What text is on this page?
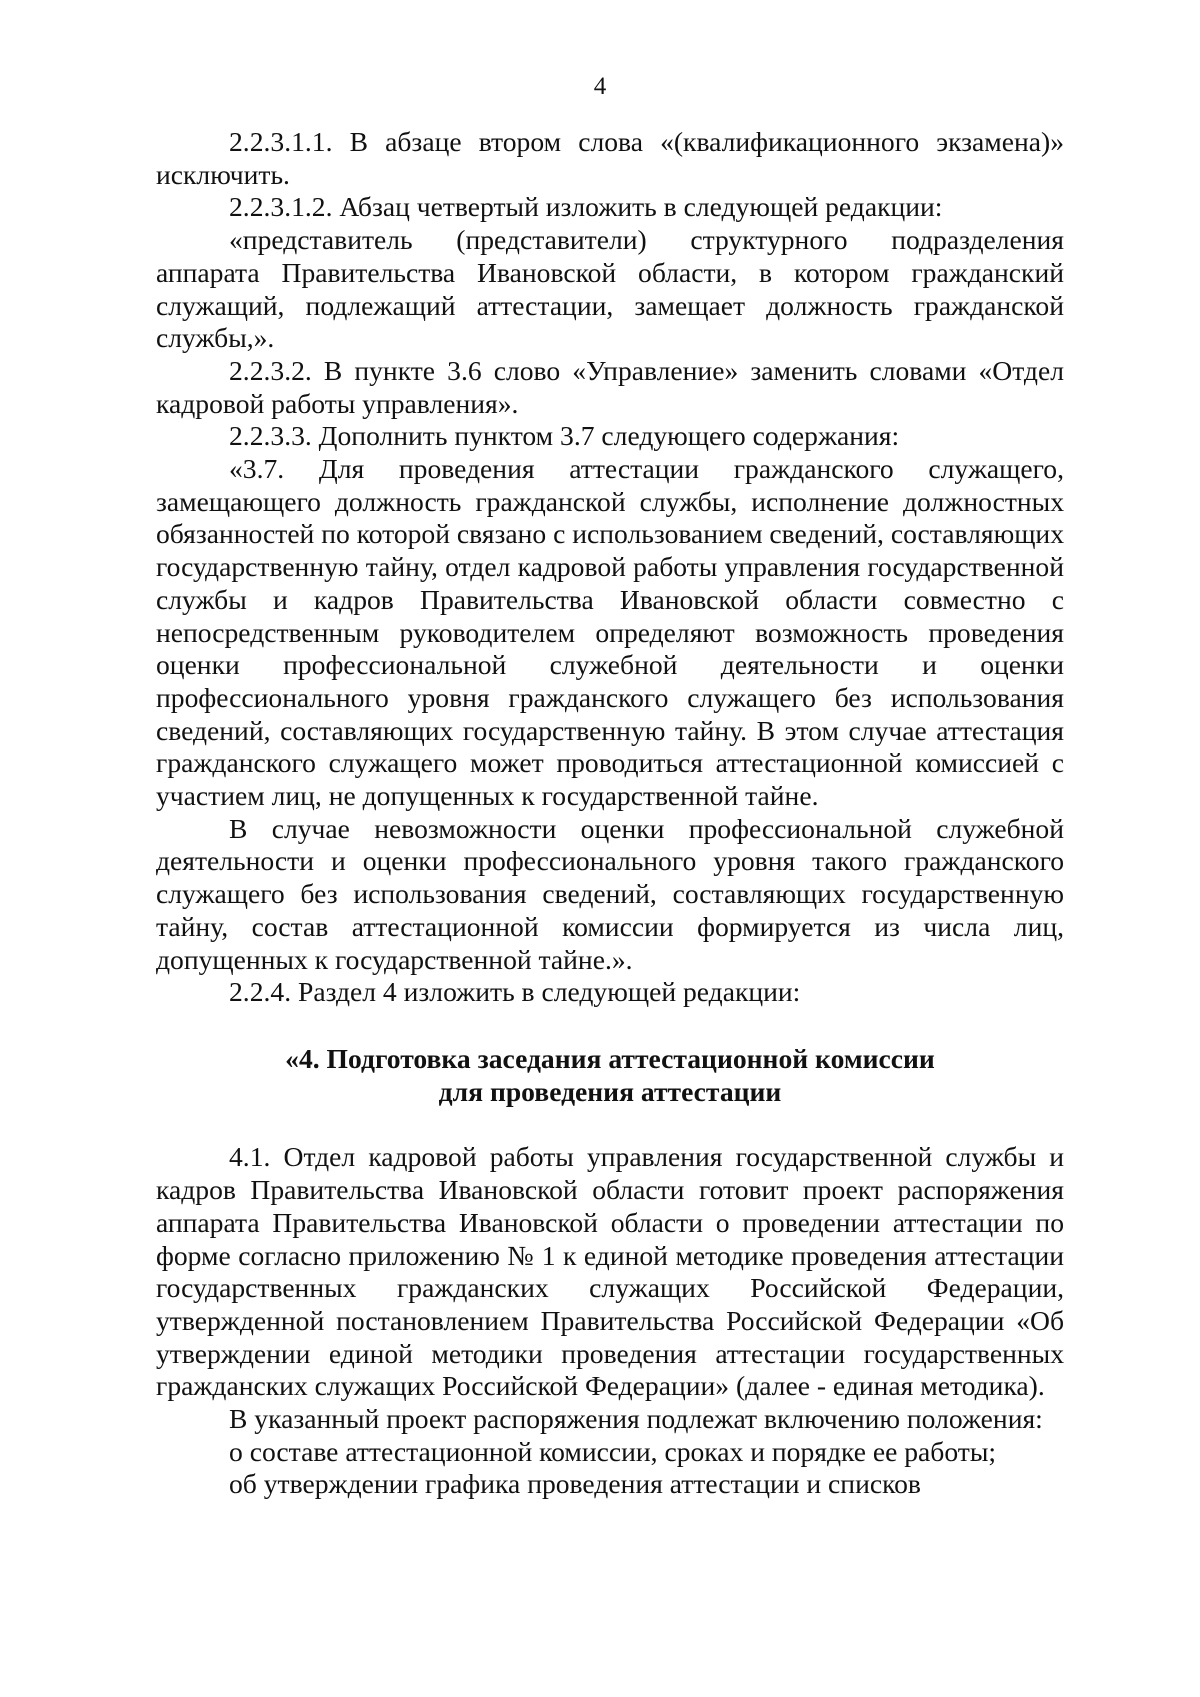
4

2.2.3.1.1. В абзаце втором слова «(квалификационного экзамена)» исключить.

2.2.3.1.2. Абзац четвертый изложить в следующей редакции:

«представитель (представители) структурного подразделения аппарата Правительства Ивановской области, в котором гражданский служащий, подлежащий аттестации, замещает должность гражданской службы,».

2.2.3.2. В пункте 3.6 слово «Управление» заменить словами «Отдел кадровой работы управления».

2.2.3.3. Дополнить пунктом 3.7 следующего содержания:

«3.7. Для проведения аттестации гражданского служащего, замещающего должность гражданской службы, исполнение должностных обязанностей по которой связано с использованием сведений, составляющих государственную тайну, отдел кадровой работы управления государственной службы и кадров Правительства Ивановской области совместно с непосредственным руководителем определяют возможность проведения оценки профессиональной служебной деятельности и оценки профессионального уровня гражданского служащего без использования сведений, составляющих государственную тайну. В этом случае аттестация гражданского служащего может проводиться аттестационной комиссией с участием лиц, не допущенных к государственной тайне.

В случае невозможности оценки профессиональной служебной деятельности и оценки профессионального уровня такого гражданского служащего без использования сведений, составляющих государственную тайну, состав аттестационной комиссии формируется из числа лиц, допущенных к государственной тайне.».

2.2.4. Раздел 4 изложить в следующей редакции:

«4. Подготовка заседания аттестационной комиссии
для проведения аттестации

4.1. Отдел кадровой работы управления государственной службы и кадров Правительства Ивановской области готовит проект распоряжения аппарата Правительства Ивановской области о проведении аттестации по форме согласно приложению № 1 к единой методике проведения аттестации государственных гражданских служащих Российской Федерации, утвержденной постановлением Правительства Российской Федерации «Об утверждении единой методики проведения аттестации государственных гражданских служащих Российской Федерации» (далее - единая методика).

В указанный проект распоряжения подлежат включению положения:

о составе аттестационной комиссии, сроках и порядке ее работы;

об утверждении графика проведения аттестации и списков
